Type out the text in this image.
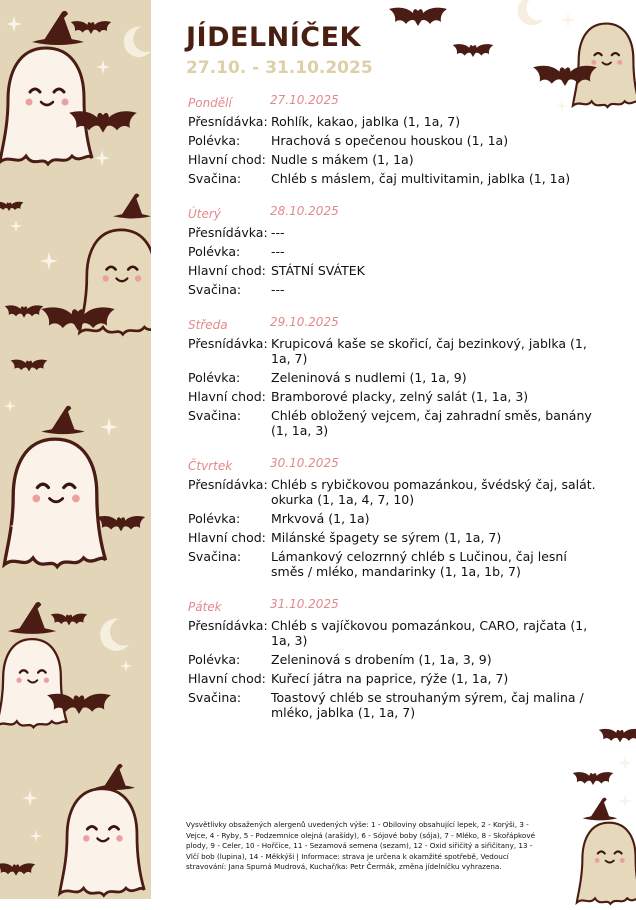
JÍDELNÍČEK
27.10. - 31.10.2025
Pondělí	27.10.2025
Přesnídávka: Rohlík, kakao, jablka (1, 1a, 7)
Polévka:	Hrachová s opečenou houskou (1, 1a)
Hlavní chod: Nudle s mákem (1, 1a)
Svačina:	Chléb s máslem, čaj multivitamin, jablka (1, 1a)
Úterý	28.10.2025
Přesnídávka: ---
Polévka:	---
Hlavní chod: STÁTNÍ SVÁTEK
Svačina:	---
Středa	29.10.2025
Přesnídávka: Krupicová kaše se skořicí, čaj bezinkový, jablka (1, 1a, 7)
Polévka:	Zeleninová s nudlemi (1, 1a, 9)
Hlavní chod: Bramborové placky, zelný salát (1, 1a, 3)
Svačina:	Chléb obložený vejcem, čaj zahradní směs, banány (1, 1a, 3)
Čtvrtek	30.10.2025
Přesnídávka: Chléb s rybičkovou pomazánkou, švédský čaj, salát. okurka (1, 1a, 4, 7, 10)
Polévka:	Mrkvová (1, 1a)
Hlavní chod: Milánské špagety se sýrem (1, 1a, 7)
Svačina:	Lámankový celozrnný chléb s Lučinou, čaj lesní směs / mléko, mandarinky (1, 1a, 1b, 7)
Pátek	31.10.2025
Přesnídávka: Chléb s vajíčkovou pomazánkou, CARO, rajčata (1, 1a, 3)
Polévka:	Zeleninová s drobením (1, 1a, 3, 9)
Hlavní chod: Kuřecí játra na paprice, rýže (1, 1a, 7)
Svačina:	Toastový chléb se strouhaným sýrem, čaj malina / mléko, jablka (1, 1a, 7)
Vysvětlivky obsažených alergenů uvedených výše: 1 - Obiloviny obsahující lepek, 2 - Korýši, 3 - Vejce, 4 - Ryby, 5 - Podzemnice olejná (arašídy), 6 - Sójové boby (sója), 7 - Mléko, 8 - Skořápkové plody, 9 - Celer, 10 - Hořčice, 11 - Sezamová semena (sezam), 12 - Oxid siřičitý a siřičitany, 13 - Vlčí bob (lupina), 14 - Měkkýši | Informace: strava je určena k okamžité spotřebě, Vedoucí stravování: Jana Spurná Mudrová, Kuchař/ka: Petr Čermák, změna jídelníčku vyhrazena.
